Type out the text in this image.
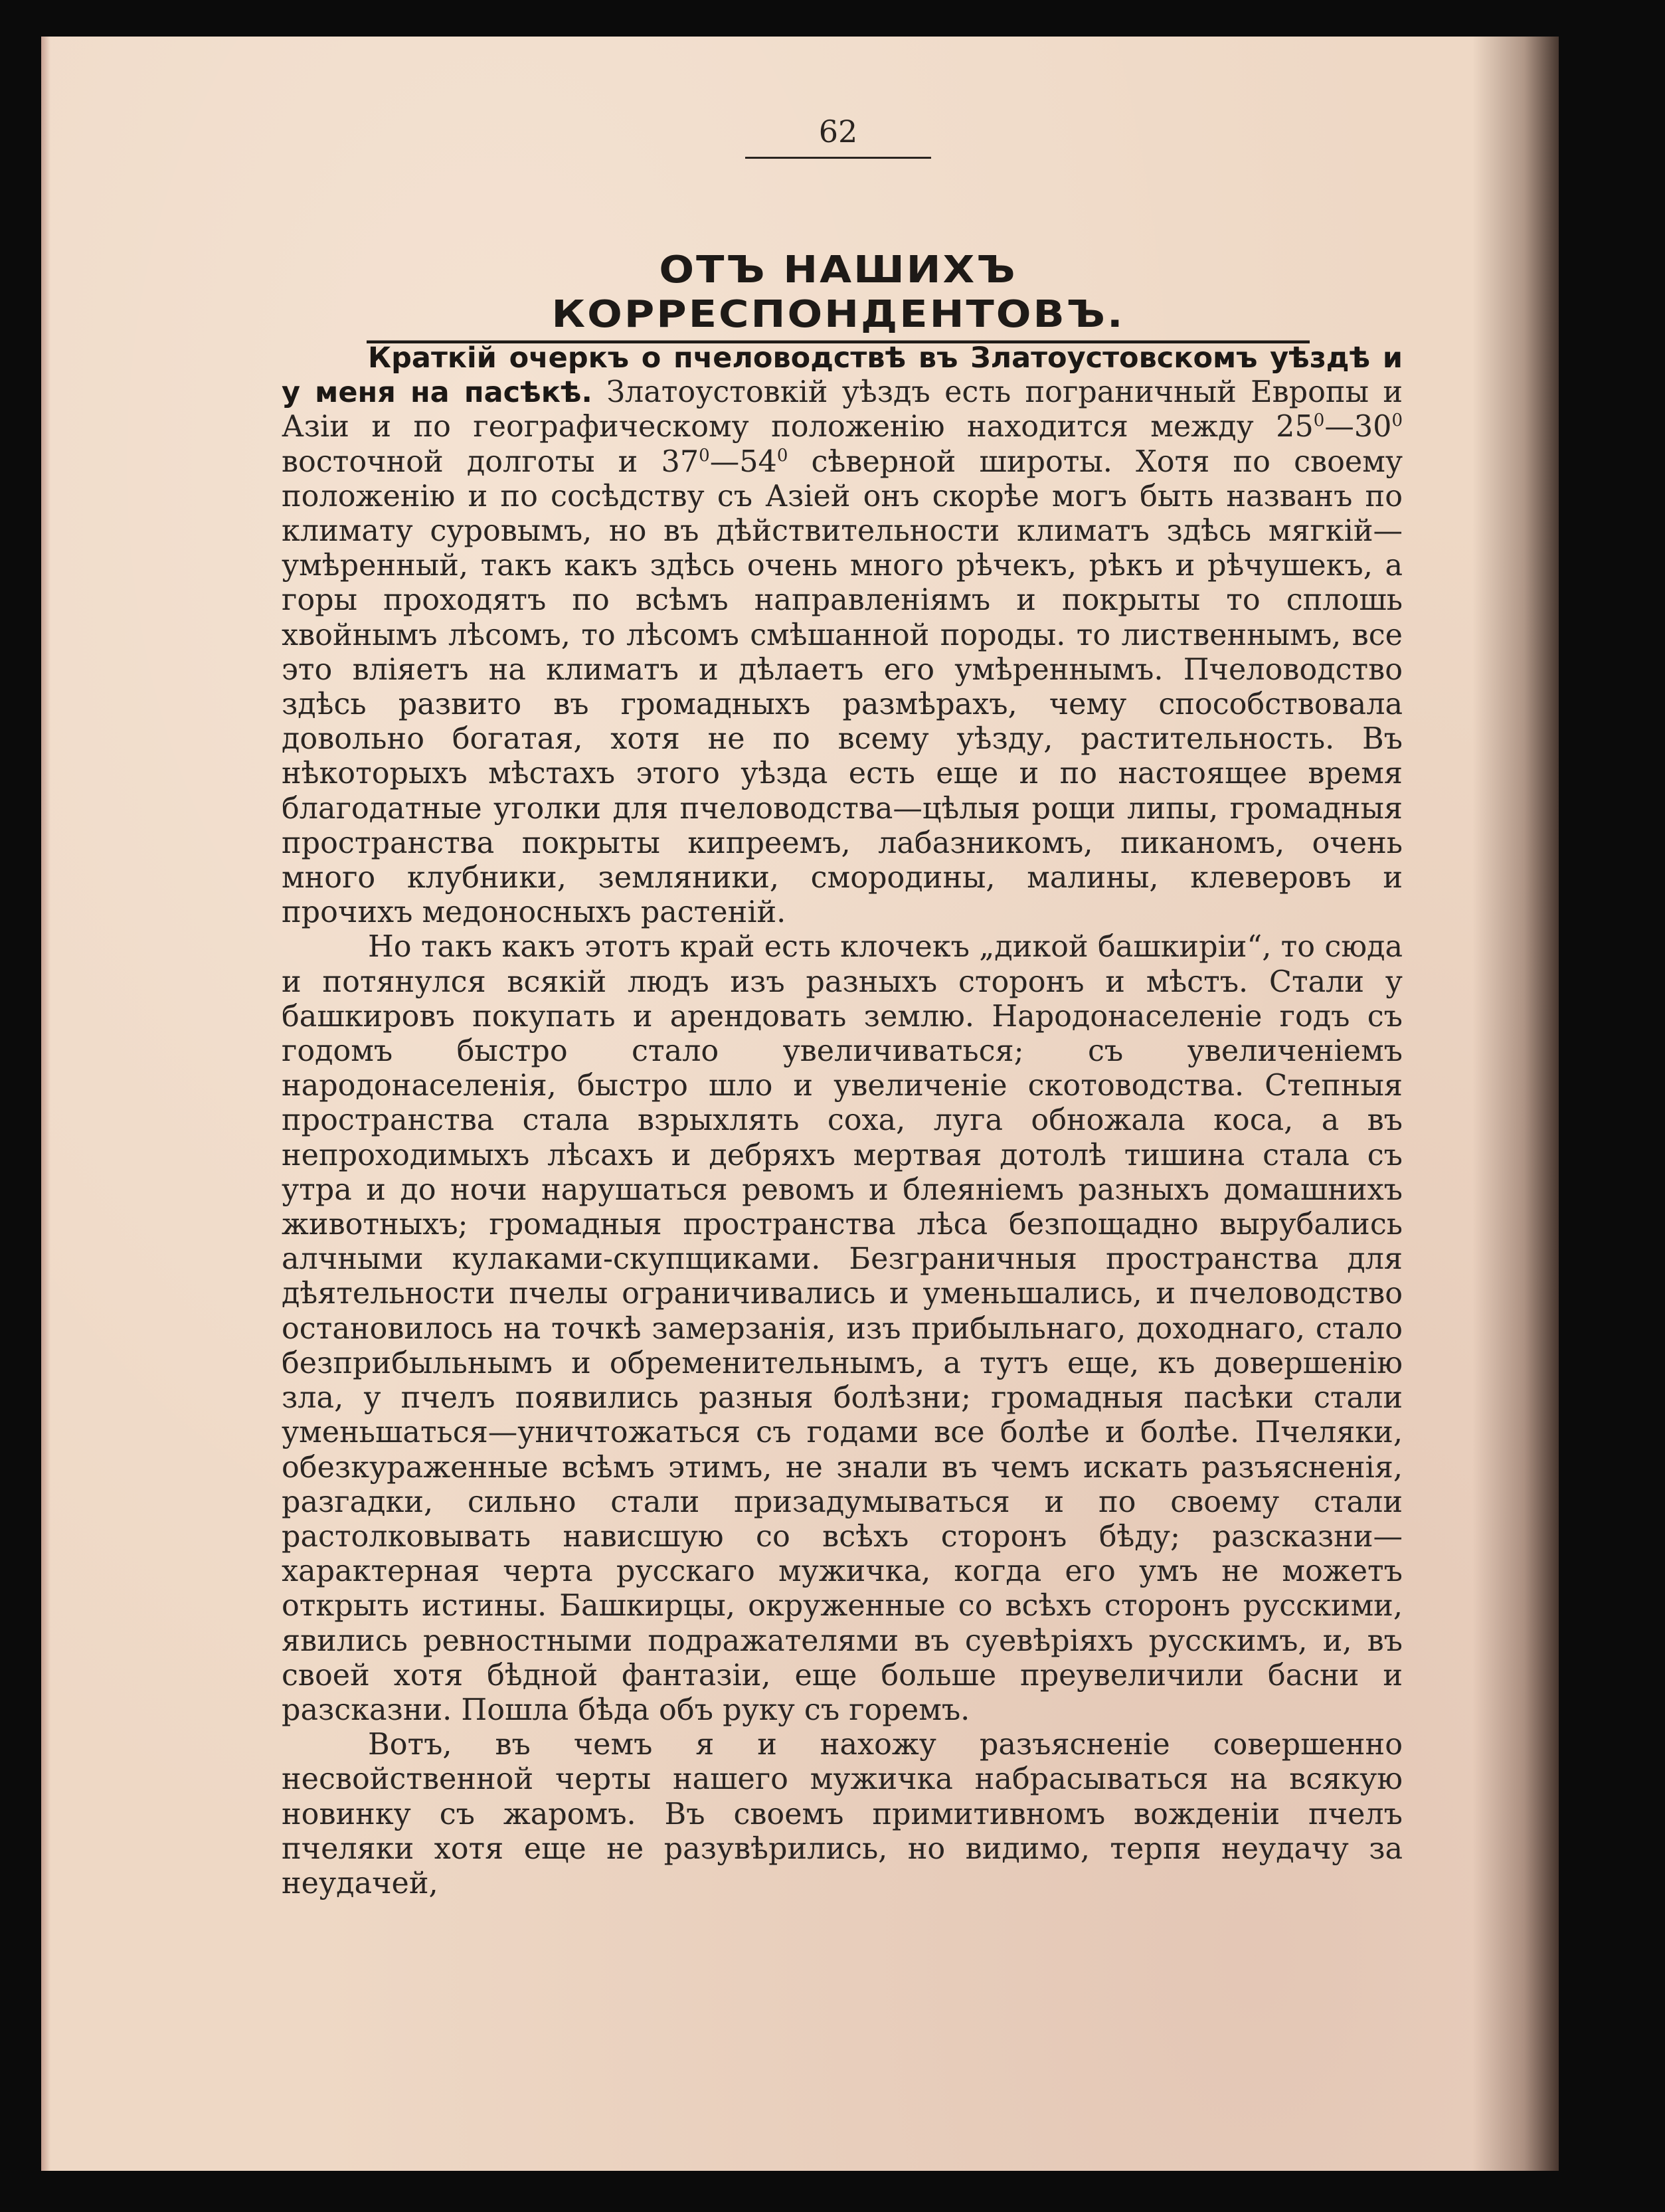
62
ОТЪ НАШИХЪ КОРРЕСПОНДЕНТОВЪ.

Краткій очеркъ о пчеловодствѣ въ Златоустовскомъ уѣздѣ и у меня на пасѣкѣ. Златоустовкій уѣздъ есть пограничный Европы и Азіи и по географическому положенію находится между $25^0—30^0$ восточной долготы и $37^0—54^0$ сѣверной широты. Хотя по своему положенію и по сосѣдству съ Азіей онъ скорѣе могъ быть названъ по климату суровымъ, но въ дѣйствительности климатъ здѣсь мягкій—умѣренный, такъ какъ здѣсь очень много рѣчекъ, рѣкъ и рѣчушекъ, а горы проходятъ по всѣмъ направленіямъ и покрыты то сплошь хвойнымъ лѣсомъ, то лѣсомъ смѣшанной породы. то лиственнымъ, все это вліяетъ на климатъ и дѣлаетъ его умѣреннымъ. Пчеловодство здѣсь развито въ громадныхъ размѣрахъ, чему способствовала довольно богатая, хотя не по всему уѣзду, растительность. Въ нѣкоторыхъ мѣстахъ этого уѣзда есть еще и по настоящее время благодатные уголки для пчеловодства—цѣлыя рощи липы, громадныя пространства покрыты кипреемъ, лабазникомъ, пиканомъ, очень много клубники, земляники, смородины, малины, клеверовъ и прочихъ медоносныхъ растеній.

Но такъ какъ этотъ край есть клочекъ „дикой башкиріи“, то сюда и потянулся всякій людъ изъ разныхъ сторонъ и мѣстъ. Стали у башкировъ покупать и арендовать землю. Народонаселеніе годъ съ годомъ быстро стало увеличиваться; съ увеличеніемъ народонаселенія, быстро шло и увеличеніе скотоводства. Степныя пространства стала взрыхлять соха, луга обножала коса, а въ непроходимыхъ лѣсахъ и дебряхъ мертвая дотолѣ тишина стала съ утра и до ночи нарушаться ревомъ и блеяніемъ разныхъ домашнихъ животныхъ; громадныя пространства лѣса безпощадно вырубались алчными кулаками-скупщиками. Безграничныя пространства для дѣятельности пчелы ограничивались и уменьшались, и пчеловодство остановилось на точкѣ замерзанія, изъ прибыльнаго, доходнаго, стало безприбыльнымъ и обременительнымъ, а тутъ еще, къ довершенію зла, у пчелъ появились разныя болѣзни; громадныя пасѣки стали уменьшаться—уничтожаться съ годами все болѣе и болѣе. Пчеляки, обезкураженные всѣмъ этимъ, не знали въ чемъ искать разъясненія, разгадки, сильно стали призадумываться и по своему стали растолковывать нависшую со всѣхъ сторонъ бѣду; разсказни—характерная черта русскаго мужичка, когда его умъ не можетъ открыть истины. Башкирцы, окруженные со всѣхъ сторонъ русскими, явились ревностными подражателями въ суевѣріяхъ русскимъ, и, въ своей хотя бѣдной фантазіи, еще больше преувеличили басни и разсказни. Пошла бѣда объ руку съ горемъ.

Вотъ, въ чемъ я и нахожу разъясненіе совершенно несвойственной черты нашего мужичка набрасываться на всякую новинку съ жаромъ. Въ своемъ примитивномъ вожденіи пчелъ пчеляки хотя еще не разувѣрились, но видимо, терпя неудачу за неудачей,
